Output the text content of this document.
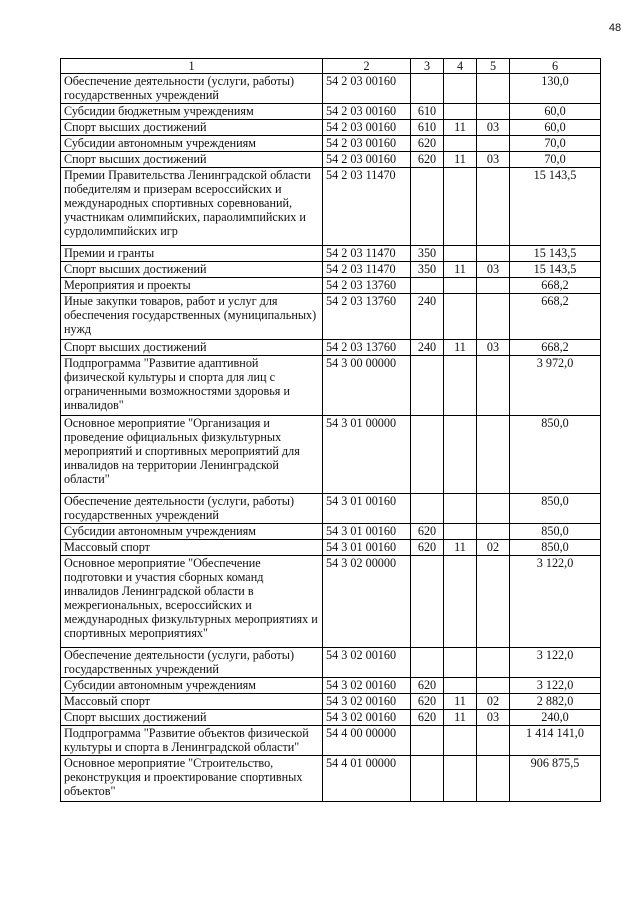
48
1	2	3	4	5	6
Обеспечение деятельности (услуги, работы) государственных учреждений	54 2 03 00160				130,0
Субсидии бюджетным учреждениям	54 2 03 00160	610			60,0
Спорт высших достижений	54 2 03 00160	610	11	03	60,0
Субсидии автономным учреждениям	54 2 03 00160	620			70,0
Спорт высших достижений	54 2 03 00160	620	11	03	70,0
Премии Правительства Ленинградской области победителям и призерам всероссийских и международных спортивных соревнований, участникам олимпийских, параолимпийских и сурдолимпийских игр	54 2 03 11470				15 143,5
Премии и гранты	54 2 03 11470	350			15 143,5
Спорт высших достижений	54 2 03 11470	350	11	03	15 143,5
Мероприятия и проекты	54 2 03 13760				668,2
Иные закупки товаров, работ и услуг для обеспечения государственных (муниципальных) нужд	54 2 03 13760	240			668,2
Спорт высших достижений	54 2 03 13760	240	11	03	668,2
Подпрограмма "Развитие адаптивной физической культуры и спорта для лиц с ограниченными возможностями здоровья и инвалидов"	54 3 00 00000				3 972,0
Основное мероприятие "Организация и проведение официальных физкультурных мероприятий и спортивных мероприятий для инвалидов на территории Ленинградской области"	54 3 01 00000				850,0
Обеспечение деятельности (услуги, работы) государственных учреждений	54 3 01 00160				850,0
Субсидии автономным учреждениям	54 3 01 00160	620			850,0
Массовый спорт	54 3 01 00160	620	11	02	850,0
Основное мероприятие "Обеспечение подготовки и участия сборных команд инвалидов Ленинградской области в межрегиональных, всероссийских и международных физкультурных мероприятиях и спортивных мероприятиях"	54 3 02 00000				3 122,0
Обеспечение деятельности (услуги, работы) государственных учреждений	54 3 02 00160				3 122,0
Субсидии автономным учреждениям	54 3 02 00160	620			3 122,0
Массовый спорт	54 3 02 00160	620	11	02	2 882,0
Спорт высших достижений	54 3 02 00160	620	11	03	240,0
Подпрограмма "Развитие объектов физической культуры и спорта в Ленинградской области"	54 4 00 00000				1 414 141,0
Основное мероприятие "Строительство, реконструкция и проектирование спортивных объектов"	54 4 01 00000				906 875,5
